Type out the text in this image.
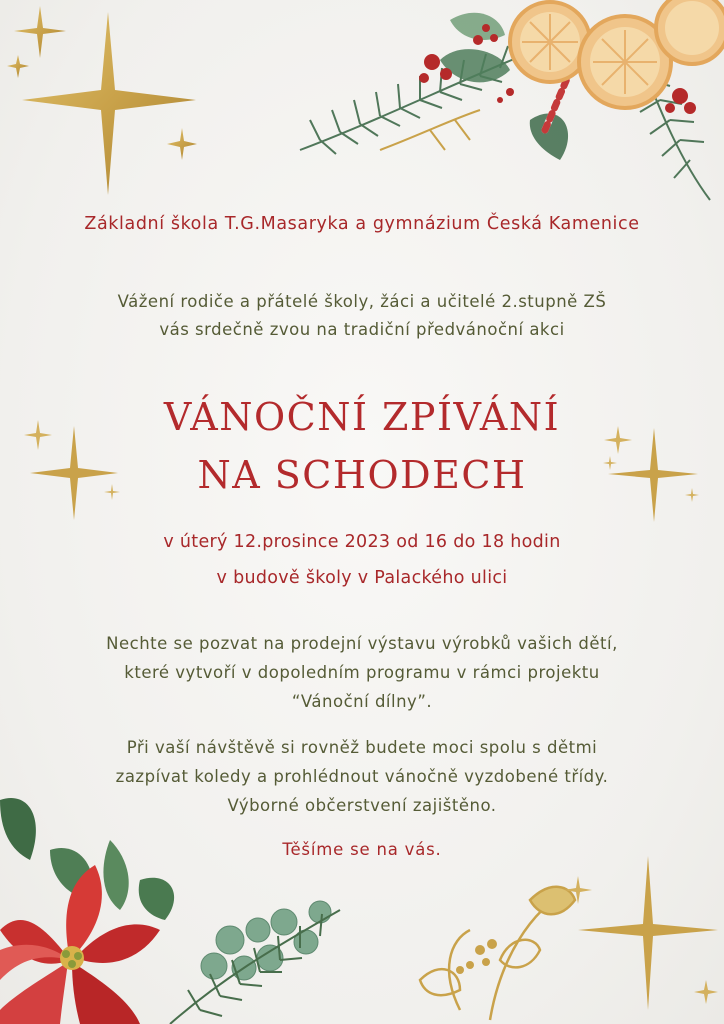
Základní škola T.G.Masaryka a gymnázium Česká Kamenice
Vážení rodiče a přátelé školy, žáci a učitelé 2.stupně ZŠ
vás srdečně zvou na tradiční předvánoční akci
VÁNOČNÍ ZPÍVÁNÍ
NA SCHODECH
v úterý 12.prosince 2023 od 16 do 18 hodin
v budově školy v Palackého ulici
Nechte se pozvat na prodejní výstavu výrobků vašich dětí,
které vytvoří v dopoledním programu v rámci projektu
“Vánoční dílny”.
Při vaší návštěvě si rovněž budete moci spolu s dětmi
zazpívat koledy a prohlédnout vánočně vyzdobené třídy.
Výborné občerstvení zajištěno.
Těšíme se na vás.
